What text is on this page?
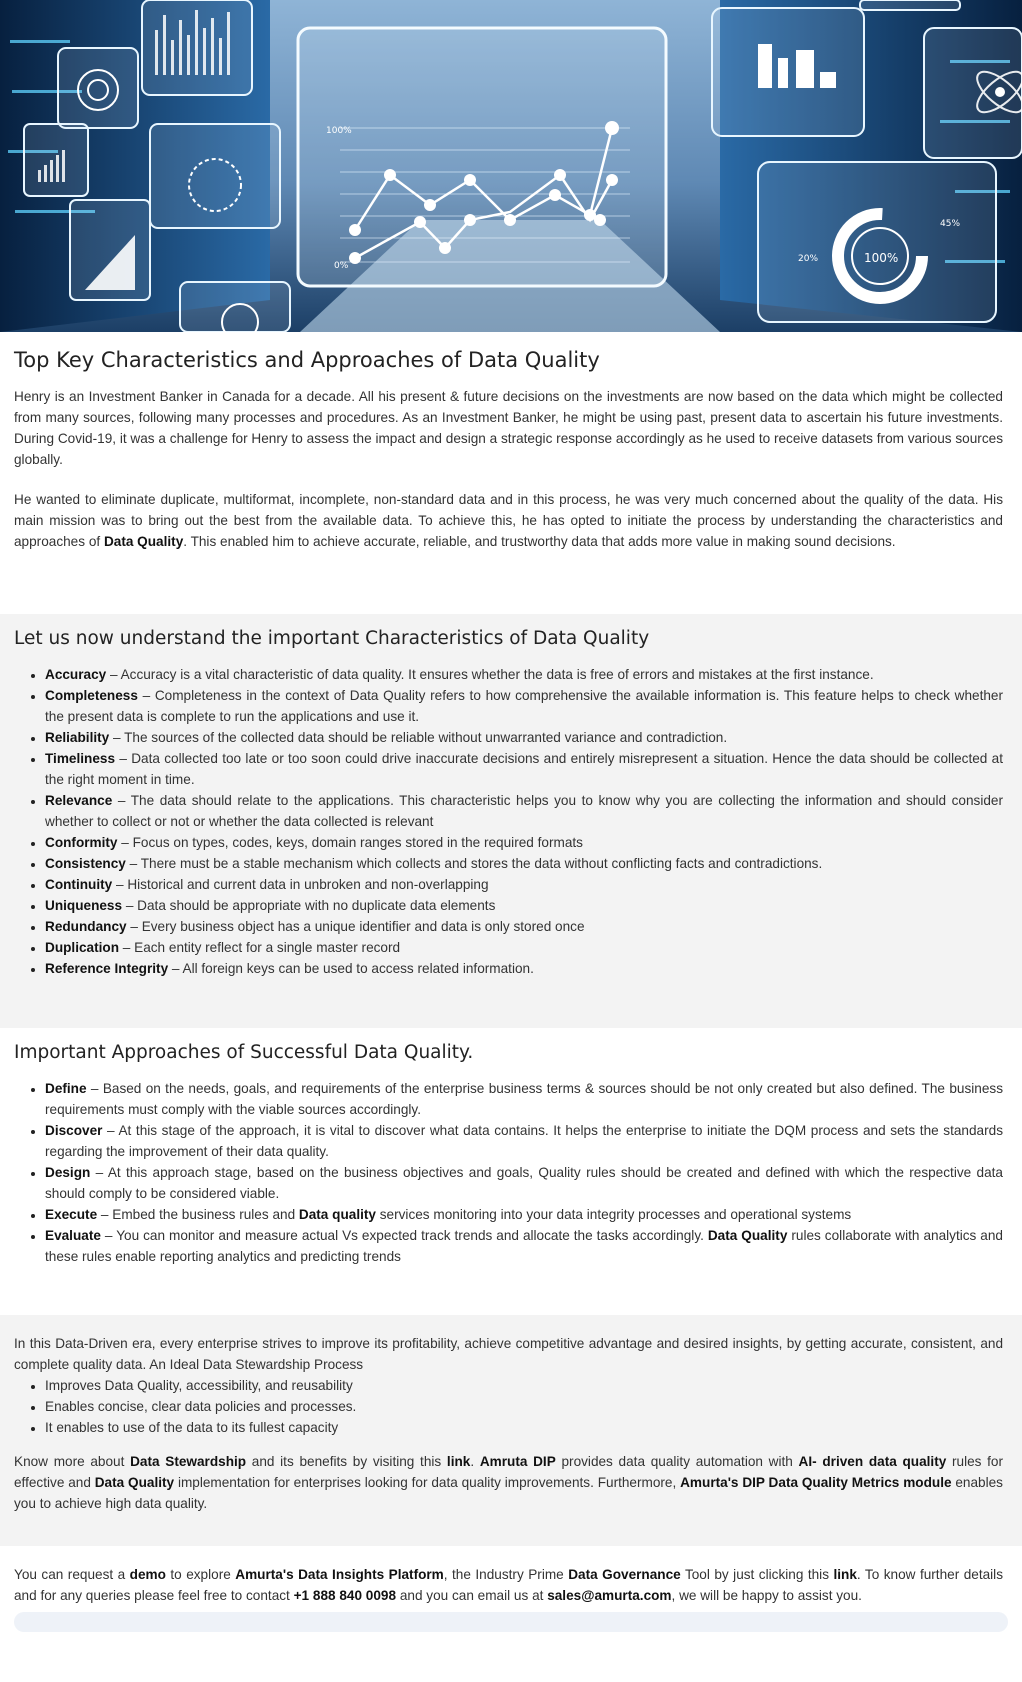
100%
0%
100%
20%
45%
Top Key Characteristics and Approaches of Data Quality

Henry is an Investment Banker in Canada for a decade. All his present & future decisions on the investments are now based on the data which might be collected from many sources, following many processes and procedures. As an Investment Banker, he might be using past, present data to ascertain his future investments. During Covid-19, it was a challenge for Henry to assess the impact and design a strategic response accordingly as he used to receive datasets from various sources globally.

He wanted to eliminate duplicate, multiformat, incomplete, non-standard data and in this process, he was very much concerned about the quality of the data. His main mission was to bring out the best from the available data. To achieve this, he has opted to initiate the process by understanding the characteristics and approaches of Data Quality. This enabled him to achieve accurate, reliable, and trustworthy data that adds more value in making sound decisions.

Let us now understand the important Characteristics of Data Quality
• Accuracy – Accuracy is a vital characteristic of data quality. It ensures whether the data is free of errors and mistakes at the first instance.
• Completeness – Completeness in the context of Data Quality refers to how comprehensive the available information is. This feature helps to check whether the present data is complete to run the applications and use it.
• Reliability – The sources of the collected data should be reliable without unwarranted variance and contradiction.
• Timeliness – Data collected too late or too soon could drive inaccurate decisions and entirely misrepresent a situation. Hence the data should be collected at the right moment in time.
• Relevance – The data should relate to the applications. This characteristic helps you to know why you are collecting the information and should consider whether to collect or not or whether the data collected is relevant
• Conformity – Focus on types, codes, keys, domain ranges stored in the required formats
• Consistency – There must be a stable mechanism which collects and stores the data without conflicting facts and contradictions.
• Continuity – Historical and current data in unbroken and non-overlapping
• Uniqueness – Data should be appropriate with no duplicate data elements
• Redundancy – Every business object has a unique identifier and data is only stored once
• Duplication – Each entity reflect for a single master record
• Reference Integrity – All foreign keys can be used to access related information.
Important Approaches of Successful Data Quality.
• Define – Based on the needs, goals, and requirements of the enterprise business terms & sources should be not only created but also defined. The business requirements must comply with the viable sources accordingly.
• Discover – At this stage of the approach, it is vital to discover what data contains. It helps the enterprise to initiate the DQM process and sets the standards regarding the improvement of their data quality.
• Design – At this approach stage, based on the business objectives and goals, Quality rules should be created and defined with which the respective data should comply to be considered viable.
• Execute – Embed the business rules and Data quality services monitoring into your data integrity processes and operational systems
• Evaluate – You can monitor and measure actual Vs expected track trends and allocate the tasks accordingly. Data Quality rules collaborate with analytics and these rules enable reporting analytics and predicting trends

In this Data-Driven era, every enterprise strives to improve its profitability, achieve competitive advantage and desired insights, by getting accurate, consistent, and complete quality data. An Ideal Data Stewardship Process

• Improves Data Quality, accessibility, and reusability
• Enables concise, clear data policies and processes.
• It enables to use of the data to its fullest capacity

Know more about Data Stewardship and its benefits by visiting this link. Amruta DIP provides data quality automation with AI- driven data quality rules for effective and Data Quality implementation for enterprises looking for data quality improvements. Furthermore, Amurta's DIP Data Quality Metrics module enables you to achieve high data quality.

You can request a demo to explore Amurta's Data Insights Platform, the Industry Prime Data Governance Tool by just clicking this link. To know further details and for any queries please feel free to contact +1 888 840 0098 and you can email us at sales@amurta.com, we will be happy to assist you.
